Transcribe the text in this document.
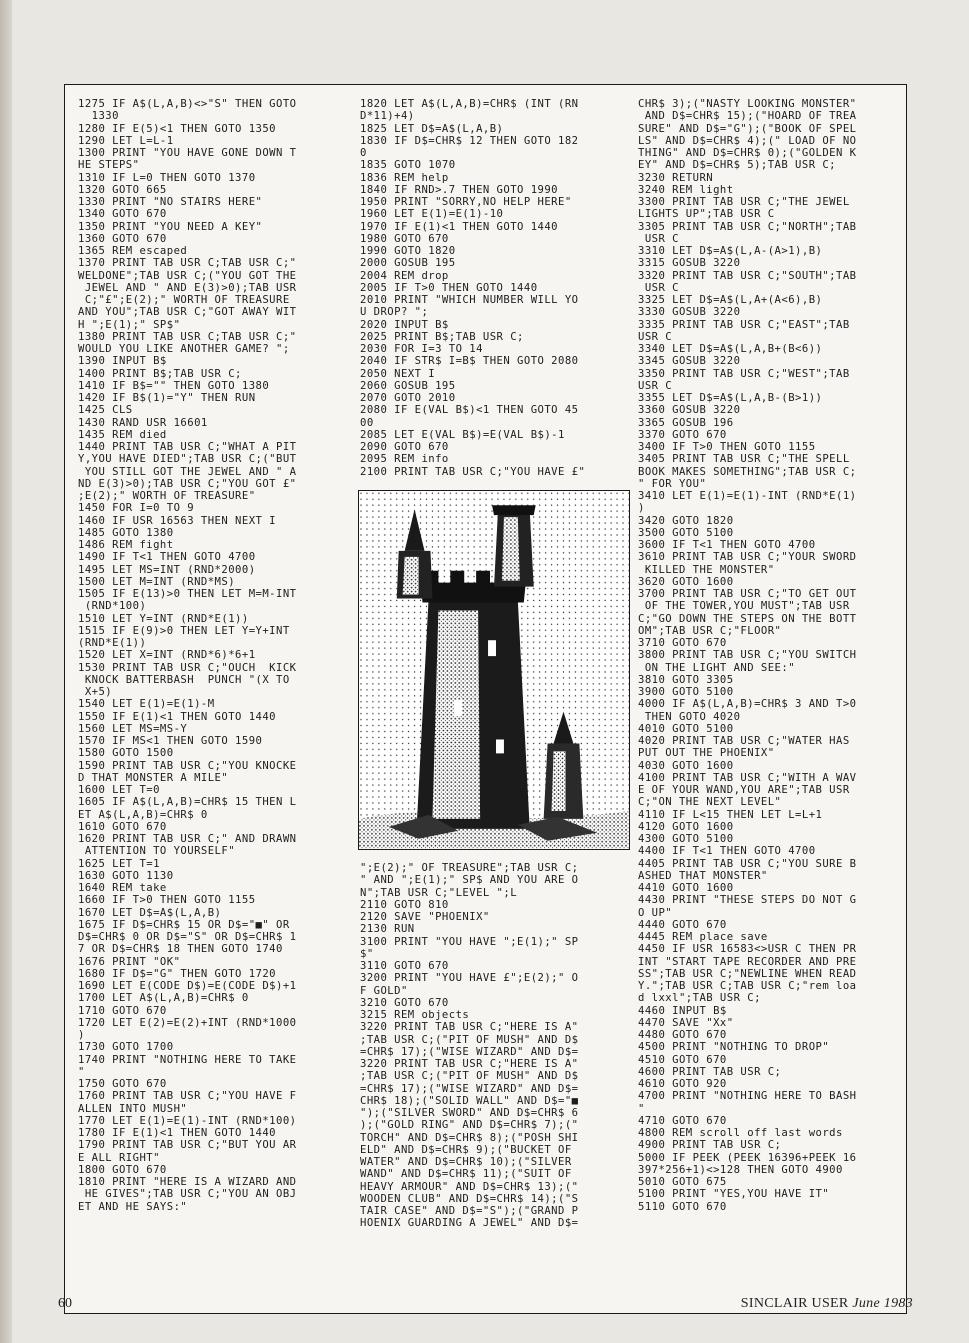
1275 IF A$(L,A,B)<>"S" THEN GOTO
1330
1280 IF E(5)<1 THEN GOTO 1350
1290 LET L=L-1
1300 PRINT "YOU HAVE GONE DOWN T
HE STEPS"
1310 IF L=0 THEN GOTO 1370
1320 GOTO 665
1330 PRINT "NO STAIRS HERE"
1340 GOTO 670
1350 PRINT "YOU NEED A KEY"
1360 GOTO 670
1365 REM escaped
1370 PRINT TAB USR C;TAB USR C;"
WELDONE";TAB USR C;("YOU GOT THE
JEWEL AND " AND E(3)>0);TAB USR
C;"£";E(2);" WORTH OF TREASURE
AND YOU";TAB USR C;"GOT AWAY WIT
H ";E(1);" SP$"
1380 PRINT TAB USR C;TAB USR C;"
WOULD YOU LIKE ANOTHER GAME? ";
1390 INPUT B$
1400 PRINT B$;TAB USR C;
1410 IF B$="" THEN GOTO 1380
1420 IF B$(1)="Y" THEN RUN
1425 CLS
1430 RAND USR 16601
1435 REM died
1440 PRINT TAB USR C;"WHAT A PIT
Y,YOU HAVE DIED";TAB USR C;("BUT
YOU STILL GOT THE JEWEL AND " A
ND E(3)>0);TAB USR C;"YOU GOT £"
;E(2);" WORTH OF TREASURE"
1450 FOR I=0 TO 9
1460 IF USR 16563 THEN NEXT I
1485 GOTO 1380
1486 REM fight
1490 IF T<1 THEN GOTO 4700
1495 LET MS=INT (RND*2000)
1500 LET M=INT (RND*MS)
1505 IF E(13)>0 THEN LET M=M-INT
(RND*100)
1510 LET Y=INT (RND*E(1))
1515 IF E(9)>0 THEN LET Y=Y+INT
(RND*E(1))
1520 LET X=INT (RND*6)*6+1
1530 PRINT TAB USR C;"OUCH  KICK
KNOCK BATTERBASH  PUNCH "(X TO
X+5)
1540 LET E(1)=E(1)-M
1550 IF E(1)<1 THEN GOTO 1440
1560 LET MS=MS-Y
1570 IF MS<1 THEN GOTO 1590
1580 GOTO 1500
1590 PRINT TAB USR C;"YOU KNOCKE
D THAT MONSTER A MILE"
1600 LET T=0
1605 IF A$(L,A,B)=CHR$ 15 THEN L
ET A$(L,A,B)=CHR$ 0
1610 GOTO 670
1620 PRINT TAB USR C;" AND DRAWN
ATTENTION TO YOURSELF"
1625 LET T=1
1630 GOTO 1130
1640 REM take
1660 IF T>0 THEN GOTO 1155
1670 LET D$=A$(L,A,B)
1675 IF D$=CHR$ 15 OR D$="■" OR
D$=CHR$ 0 OR D$="S" OR D$=CHR$ 1
7 OR D$=CHR$ 18 THEN GOTO 1740
1676 PRINT "OK"
1680 IF D$="G" THEN GOTO 1720
1690 LET E(CODE D$)=E(CODE D$)+1
1700 LET A$(L,A,B)=CHR$ 0
1710 GOTO 670
1720 LET E(2)=E(2)+INT (RND*1000
)
1730 GOTO 1700
1740 PRINT "NOTHING HERE TO TAKE
"
1750 GOTO 670
1760 PRINT TAB USR C;"YOU HAVE F
ALLEN INTO MUSH"
1770 LET E(1)=E(1)-INT (RND*100)
1780 IF E(1)<1 THEN GOTO 1440
1790 PRINT TAB USR C;"BUT YOU AR
E ALL RIGHT"
1800 GOTO 670
1810 PRINT "HERE IS A WIZARD AND
HE GIVES";TAB USR C;"YOU AN OBJ
ET AND HE SAYS:"
1820 LET A$(L,A,B)=CHR$ (INT (RN
D*11)+4)
1825 LET D$=A$(L,A,B)
1830 IF D$=CHR$ 12 THEN GOTO 182
0
1835 GOTO 1070
1836 REM help
1840 IF RND>.7 THEN GOTO 1990
1950 PRINT "SORRY,NO HELP HERE"
1960 LET E(1)=E(1)-10
1970 IF E(1)<1 THEN GOTO 1440
1980 GOTO 670
1990 GOTO 1820
2000 GOSUB 195
2004 REM drop
2005 IF T>0 THEN GOTO 1440
2010 PRINT "WHICH NUMBER WILL YO
U DROP? ";
2020 INPUT B$
2025 PRINT B$;TAB USR C;
2030 FOR I=3 TO 14
2040 IF STR$ I=B$ THEN GOTO 2080
2050 NEXT I
2060 GOSUB 195
2070 GOTO 2010
2080 IF E(VAL B$)<1 THEN GOTO 45
00
2085 LET E(VAL B$)=E(VAL B$)-1
2090 GOTO 670
2095 REM info
2100 PRINT TAB USR C;"YOU HAVE £"
";E(2);" OF TREASURE";TAB USR C;
" AND ";E(1);" SP$ AND YOU ARE O
N";TAB USR C;"LEVEL ";L
2110 GOTO 810
2120 SAVE "PHOENIX"
2130 RUN
3100 PRINT "YOU HAVE ";E(1);" SP
$"
3110 GOTO 670
3200 PRINT "YOU HAVE £";E(2);" O
F GOLD"
3210 GOTO 670
3215 REM objects
3220 PRINT TAB USR C;"HERE IS A"
;TAB USR C;("PIT OF MUSH" AND D$
=CHR$ 17);("WISE WIZARD" AND D$=
3220 PRINT TAB USR C;"HERE IS A"
;TAB USR C;("PIT OF MUSH" AND D$
=CHR$ 17);("WISE WIZARD" AND D$=
CHR$ 18);("SOLID WALL" AND D$="■
");("SILVER SWORD" AND D$=CHR$ 6
);("GOLD RING" AND D$=CHR$ 7);("
TORCH" AND D$=CHR$ 8);("POSH SHI
ELD" AND D$=CHR$ 9);("BUCKET OF
WATER" AND D$=CHR$ 10);("SILVER
WAND" AND D$=CHR$ 11);("SUIT OF
HEAVY ARMOUR" AND D$=CHR$ 13);("
WOODEN CLUB" AND D$=CHR$ 14);("S
TAIR CASE" AND D$="S");("GRAND P
HOENIX GUARDING A JEWEL" AND D$=
CHR$ 3);("NASTY LOOKING MONSTER"
AND D$=CHR$ 15);("HOARD OF TREA
SURE" AND D$="G");("BOOK OF SPEL
LS" AND D$=CHR$ 4);(" LOAD OF NO
THING" AND D$=CHR$ 0);("GOLDEN K
EY" AND D$=CHR$ 5);TAB USR C;
3230 RETURN
3240 REM light
3300 PRINT TAB USR C;"THE JEWEL
LIGHTS UP";TAB USR C
3305 PRINT TAB USR C;"NORTH";TAB
USR C
3310 LET D$=A$(L,A-(A>1),B)
3315 GOSUB 3220
3320 PRINT TAB USR C;"SOUTH";TAB
USR C
3325 LET D$=A$(L,A+(A<6),B)
3330 GOSUB 3220
3335 PRINT TAB USR C;"EAST";TAB
USR C
3340 LET D$=A$(L,A,B+(B<6))
3345 GOSUB 3220
3350 PRINT TAB USR C;"WEST";TAB
USR C
3355 LET D$=A$(L,A,B-(B>1))
3360 GOSUB 3220
3365 GOSUB 196
3370 GOTO 670
3400 IF T>0 THEN GOTO 1155
3405 PRINT TAB USR C;"THE SPELL
BOOK MAKES SOMETHING";TAB USR C;
" FOR YOU"
3410 LET E(1)=E(1)-INT (RND*E(1)
)
3420 GOTO 1820
3500 GOTO 5100
3600 IF T<1 THEN GOTO 4700
3610 PRINT TAB USR C;"YOUR SWORD
KILLED THE MONSTER"
3620 GOTO 1600
3700 PRINT TAB USR C;"TO GET OUT
OF THE TOWER,YOU MUST";TAB USR
C;"GO DOWN THE STEPS ON THE BOTT
OM";TAB USR C;"FLOOR"
3710 GOTO 670
3800 PRINT TAB USR C;"YOU SWITCH
ON THE LIGHT AND SEE:"
3810 GOTO 3305
3900 GOTO 5100
4000 IF A$(L,A,B)=CHR$ 3 AND T>0
THEN GOTO 4020
4010 GOTO 5100
4020 PRINT TAB USR C;"WATER HAS
PUT OUT THE PHOENIX"
4030 GOTO 1600
4100 PRINT TAB USR C;"WITH A WAV
E OF YOUR WAND,YOU ARE";TAB USR
C;"ON THE NEXT LEVEL"
4110 IF L<15 THEN LET L=L+1
4120 GOTO 1600
4300 GOTO 5100
4400 IF T<1 THEN GOTO 4700
4405 PRINT TAB USR C;"YOU SURE B
ASHED THAT MONSTER"
4410 GOTO 1600
4430 PRINT "THESE STEPS DO NOT G
O UP"
4440 GOTO 670
4445 REM place save
4450 IF USR 16583<>USR C THEN PR
INT "START TAPE RECORDER AND PRE
SS";TAB USR C;"NEWLINE WHEN READ
Y.";TAB USR C;TAB USR C;"rem loa
d lxxl";TAB USR C;
4460 INPUT B$
4470 SAVE "Xx"
4480 GOTO 670
4500 PRINT "NOTHING TO DROP"
4510 GOTO 670
4600 PRINT TAB USR C;
4610 GOTO 920
4700 PRINT "NOTHING HERE TO BASH
"
4710 GOTO 670
4800 REM scroll off last words
4900 PRINT TAB USR C;
5000 IF PEEK (PEEK 16396+PEEK 16
397*256+1)<>128 THEN GOTO 4900
5010 GOTO 675
5100 PRINT "YES,YOU HAVE IT"
5110 GOTO 670
60	SINCLAIR USER June 1983
